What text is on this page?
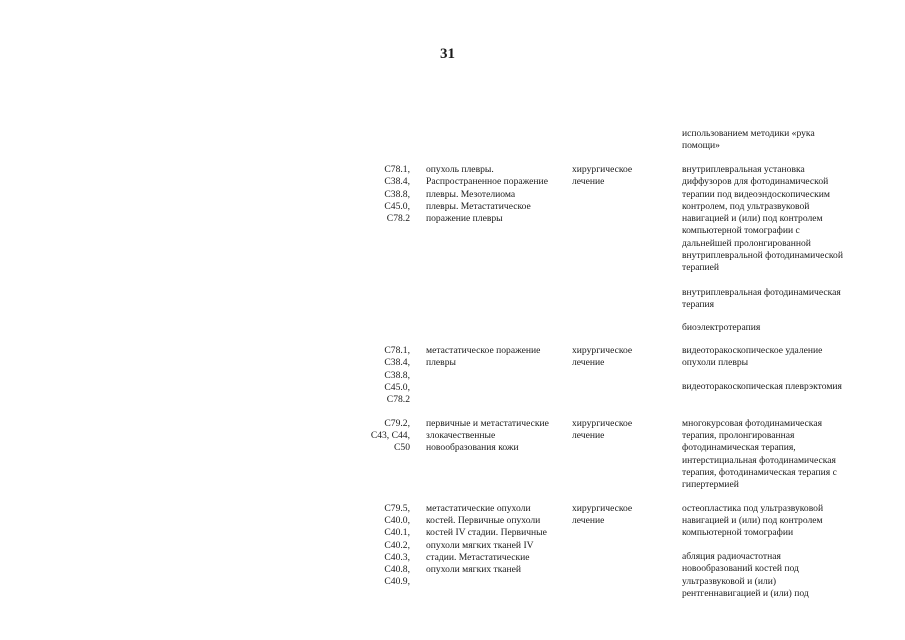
31
использованием методики «рука
помощи»
C78.1,
C38.4,
C38.8,
C45.0,
C78.2
опухоль плевры.
Распространенное поражение
плевры. Мезотелиома
плевры. Метастатическое
поражение плевры
хирургическое
лечение
внутриплевральная установка
диффузоров для фотодинамической
терапии под видеоэндоскопическим
контролем, под ультразвуковой
навигацией и (или) под контролем
компьютерной томографии с
дальнейшей пролонгированной
внутриплевральной фотодинамической
терапией
внутриплевральная фотодинамическая
терапия
биоэлектротерапия
C78.1,
C38.4,
C38.8,
C45.0,
C78.2
метастатическое поражение
плевры
хирургическое
лечение
видеоторакоскопическое удаление
опухоли плевры
видеоторакоскопическая плеврэктомия
C79.2,
C43, C44,
C50
первичные и метастатические
злокачественные
новообразования кожи
хирургическое
лечение
многокурсовая фотодинамическая
терапия, пролонгированная
фотодинамическая терапия,
интерстициальная фотодинамическая
терапия, фотодинамическая терапия с
гипертермией
C79.5,
C40.0,
C40.1,
C40.2,
C40.3,
C40.8,
C40.9,
метастатические опухоли
костей. Первичные опухоли
костей IV стадии. Первичные
опухоли мягких тканей IV
стадии. Метастатические
опухоли мягких тканей
хирургическое
лечение
остеопластика под ультразвуковой
навигацией и (или) под контролем
компьютерной томографии
абляция радиочастотная
новообразований костей под
ультразвуковой и (или)
рентгеннавигацией и (или) под
